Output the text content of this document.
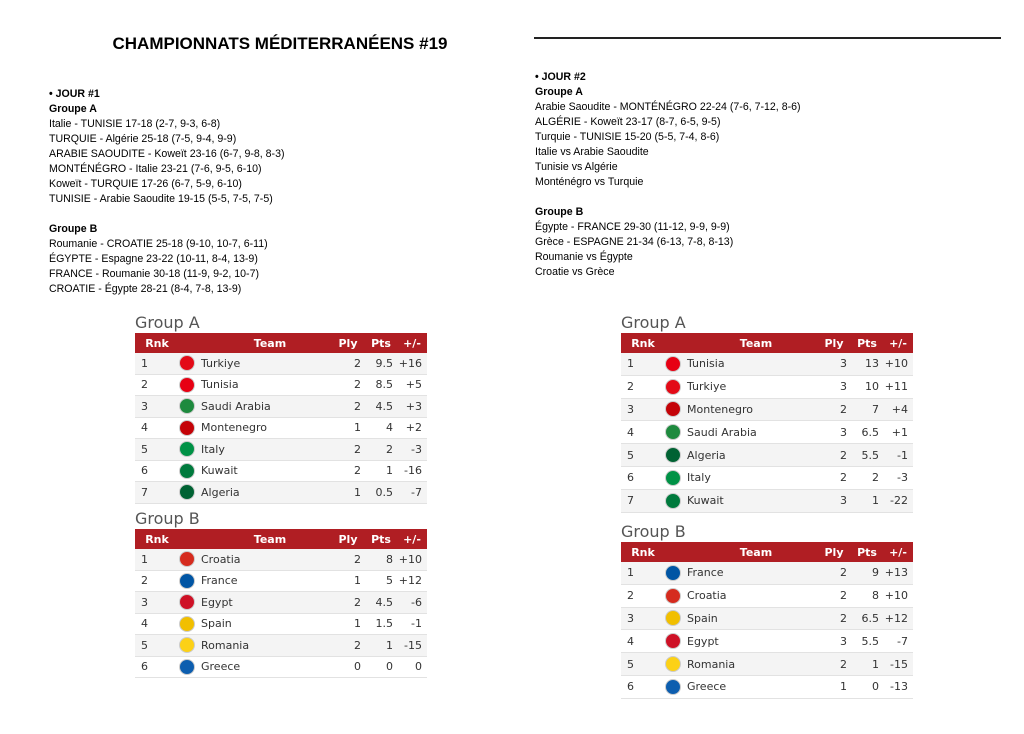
CHAMPIONNATS MÉDITERRANÉENS #19
• JOUR #1
Groupe A
Italie - TUNISIE 17-18 (2-7, 9-3, 6-8)
TURQUIE - Algérie 25-18 (7-5, 9-4, 9-9)
ARABIE SAOUDITE - Koweït 23-16 (6-7, 9-8, 8-3)
MONTÉNÉGRO - Italie 23-21 (7-6, 9-5, 6-10)
Koweït - TURQUIE 17-26 (6-7, 5-9, 6-10)
TUNISIE - Arabie Saoudite 19-15 (5-5, 7-5, 7-5)
Groupe B
Roumanie - CROATIE 25-18 (9-10, 10-7, 6-11)
ÉGYPTE - Espagne 23-22 (10-11, 8-4, 13-9)
FRANCE - Roumanie 30-18 (11-9, 9-2, 10-7)
CROATIE - Égypte 28-21 (8-4, 7-8, 13-9)
• JOUR #2
Groupe A
Arabie Saoudite - MONTÉNÉGRO 22-24 (7-6, 7-12, 8-6)
ALGÉRIE - Koweït 23-17 (8-7, 6-5, 9-5)
Turquie - TUNISIE 15-20 (5-5, 7-4, 8-6)
Italie vs Arabie Saoudite
Tunisie vs Algérie
Monténégro vs Turquie
Groupe B
Égypte - FRANCE 29-30 (11-12, 9-9, 9-9)
Grèce - ESPAGNE 21-34 (6-13, 7-8, 8-13)
Roumanie vs Égypte
Croatie vs Grèce
Group A
Rnk	Team	Ply	Pts	+/-
1	Turkiye	2	9.5 +16
2	Tunisia	2	8.5	+5
3	Saudi Arabia	2	4.5	+3
4	Montenegro	1	4	+2
5	Italy	2	2	-3
6	Kuwait	2	1	-16
7	Algeria	1	0.5	-7
Group B
Rnk	Team	Ply	Pts	+/-
1	Croatia	2	8 +10
2	France	1	5 +12
3	Egypt	2	4.5	-6
4	Spain	1	1.5	-1
5	Romania	2	1	-15
6	Greece	0	0	0
Group A
Rnk	Team	Ply	Pts	+/-
1	Tunisia	3	13 +10
2	Turkiye	3	10 +11
3	Montenegro	2	7	+4
4	Saudi Arabia	3	6.5	+1
5	Algeria	2	5.5	-1
6	Italy	2	2	-3
7	Kuwait	3	1	-22
Group B
Rnk	Team	Ply	Pts	+/-
1	France	2	9 +13
2	Croatia	2	8 +10
3	Spain	2	6.5 +12
4	Egypt	3	5.5	-7
5	Romania	2	1	-15
6	Greece	1	0	-13
